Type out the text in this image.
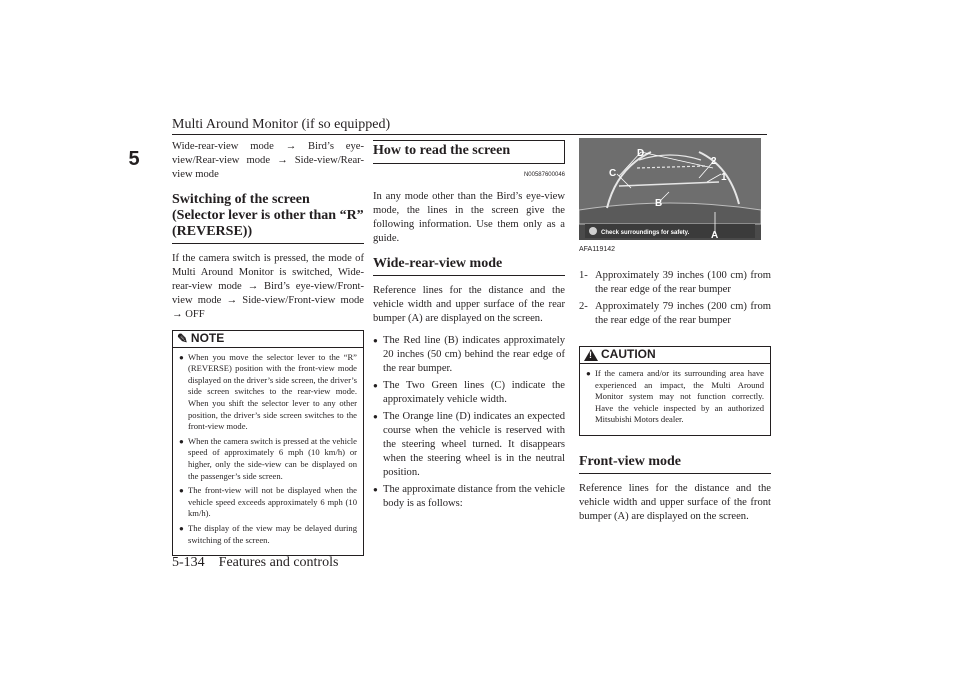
Multi Around Monitor (if so equipped)
5

Wide-rear-view mode → Bird’s eye-view/Rear-view mode → Side-view/Rear-view mode

Switching of the screen (Selector lever is other than “R” (REVERSE))

If the camera switch is pressed, the mode of Multi Around Monitor is switched, Wide-rear-view mode → Bird’s eye-view/Front-view mode → Side-view/Front-view mode → OFF

✎ NOTE
● When you move the selector lever to the “R” (REVERSE) position with the front-view mode displayed on the driver’s side screen, the driver’s side screen switches to the rear-view mode. When you shift the selector lever to any other position, the driver’s side screen switches to the front-view mode.
● When the camera switch is pressed at the vehicle speed of approximately 6 mph (10 km/h) or higher, only the side-view can be displayed on the passenger’s side screen.
● The front-view will not be displayed when the vehicle speed exceeds approximately 6 mph (10 km/h).
● The display of the view may be delayed during switching of the screen.
How to read the screen
N00587600046

In any mode other than the Bird’s eye-view mode, the lines in the screen give the following information. Use them only as a guide.

Wide-rear-view mode

Reference lines for the distance and the vehicle width and upper surface of the rear bumper (A) are displayed on the screen.

● The Red line (B) indicates approximately 20 inches (50 cm) behind the rear edge of the rear bumper.
● The Two Green lines (C) indicate the approximately vehicle width.
● The Orange line (D) indicates an expected course when the vehicle is reserved with the steering wheel turned. It disappears when the steering wheel is in the neutral position.
● The approximate distance from the vehicle body is as follows:
D
2
C	1
B
A
Check surroundings for safety.
AFA119142
1- Approximately 39 inches (100 cm) from the rear edge of the rear bumper
2- Approximately 79 inches (200 cm) from the rear edge of the rear bumper
!
CAUTION
● If the camera and/or its surrounding area have experienced an impact, the Multi Around Monitor system may not function correctly. Have the vehicle inspected by an authorized Mitsubishi Motors dealer.
Front-view mode

Reference lines for the distance and the vehicle width and upper surface of the front bumper (A) are displayed on the screen.

5-134 Features and controls
